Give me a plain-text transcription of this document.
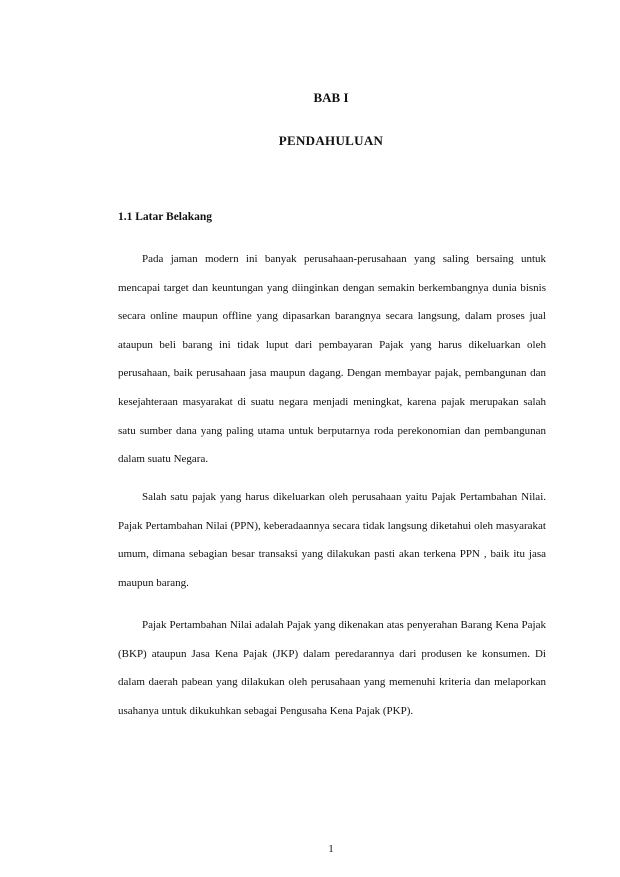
BAB I
PENDAHULUAN
1.1 Latar Belakang

Pada jaman modern ini banyak perusahaan-perusahaan yang saling bersaing untuk mencapai target dan keuntungan yang diinginkan dengan semakin berkembangnya dunia bisnis secara online maupun offline yang dipasarkan barangnya secara langsung, dalam proses jual ataupun beli barang ini tidak luput dari pembayaran Pajak yang harus dikeluarkan oleh perusahaan, baik perusahaan jasa maupun dagang. Dengan membayar pajak, pembangunan dan kesejahteraan masyarakat di suatu negara menjadi meningkat, karena pajak merupakan salah satu sumber dana yang paling utama untuk berputarnya roda perekonomian dan pembangunan dalam suatu Negara.

Salah satu pajak yang harus dikeluarkan oleh perusahaan yaitu Pajak Pertambahan Nilai. Pajak Pertambahan Nilai (PPN), keberadaannya secara tidak langsung diketahui oleh masyarakat umum, dimana sebagian besar transaksi yang dilakukan pasti akan terkena PPN , baik itu jasa maupun barang.

Pajak Pertambahan Nilai adalah Pajak yang dikenakan atas penyerahan Barang Kena Pajak (BKP) ataupun Jasa Kena Pajak (JKP) dalam peredarannya dari produsen ke konsumen. Di dalam daerah pabean yang dilakukan oleh perusahaan yang memenuhi kriteria dan melaporkan usahanya untuk dikukuhkan sebagai Pengusaha Kena Pajak (PKP).

1
